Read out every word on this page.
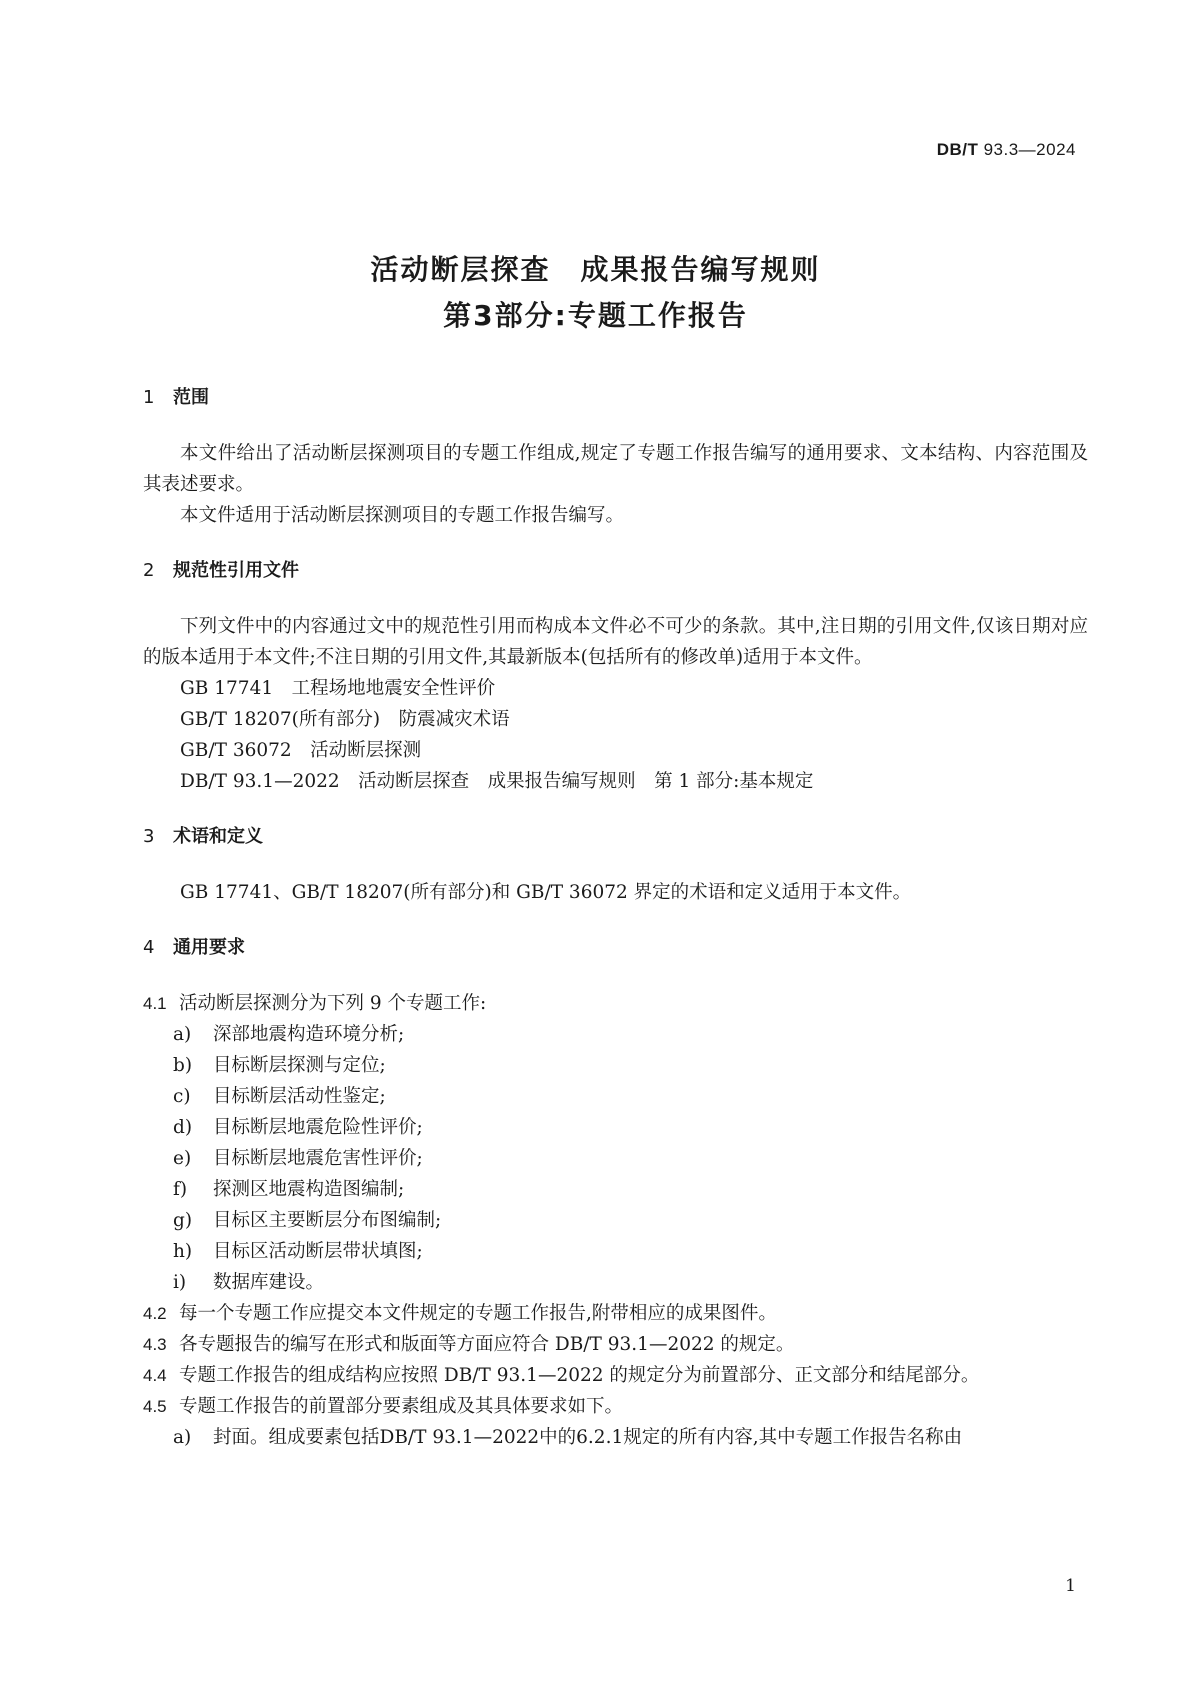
DB/T 93.3—2024
活动断层探查　成果报告编写规则
第3部分:专题工作报告
1 范围

本文件给出了活动断层探测项目的专题工作组成,规定了专题工作报告编写的通用要求、文本结构、内容范围及其表述要求。

本文件适用于活动断层探测项目的专题工作报告编写。

2 规范性引用文件

下列文件中的内容通过文中的规范性引用而构成本文件必不可少的条款。其中,注日期的引用文件,仅该日期对应的版本适用于本文件;不注日期的引用文件,其最新版本(包括所有的修改单)适用于本文件。

GB 17741　工程场地地震安全性评价
GB/T 18207(所有部分)　防震减灾术语
GB/T 36072　活动断层探测
DB/T 93.1—2022　活动断层探查　成果报告编写规则　第 1 部分:基本规定
3 术语和定义

GB 17741、GB/T 18207(所有部分)和 GB/T 36072 界定的术语和定义适用于本文件。

4 通用要求
4.1 活动断层探测分为下列 9 个专题工作:
a) 深部地震构造环境分析;
b) 目标断层探测与定位;
c) 目标断层活动性鉴定;
d) 目标断层地震危险性评价;
e) 目标断层地震危害性评价;
f) 探测区地震构造图编制;
g) 目标区主要断层分布图编制;
h) 目标区活动断层带状填图;
i) 数据库建设。
4.2 每一个专题工作应提交本文件规定的专题工作报告,附带相应的成果图件。
4.3 各专题报告的编写在形式和版面等方面应符合 DB/T 93.1—2022 的规定。
4.4 专题工作报告的组成结构应按照 DB/T 93.1—2022 的规定分为前置部分、正文部分和结尾部分。
4.5 专题工作报告的前置部分要素组成及其具体要求如下。
a) 封面。组成要素包括DB/T 93.1—2022中的6.2.1规定的所有内容,其中专题工作报告名称由
1
